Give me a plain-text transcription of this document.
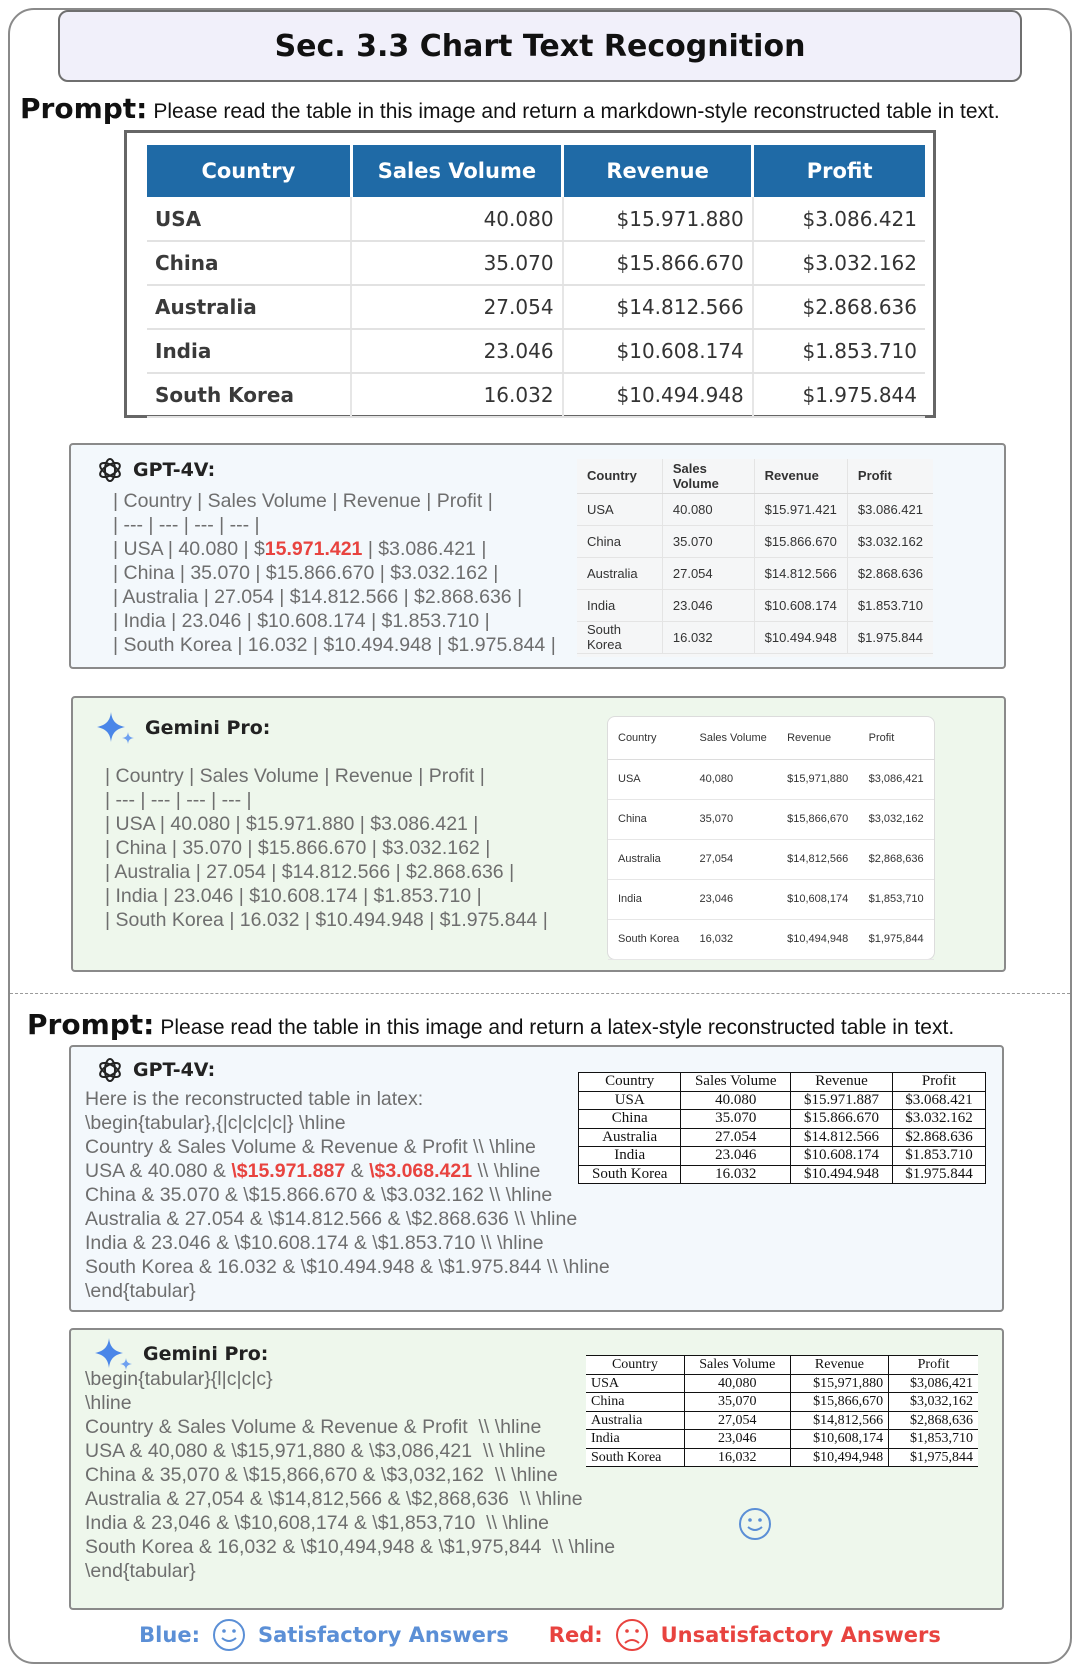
Sec. 3.3 Chart Text Recognition
Prompt: Please read the table in this image and return a markdown-style reconstructed table in text.
Country	Sales Volume	Revenue	Profit
USA	40.080	$15.971.880	$3.086.421
China	35.070	$15.866.670	$3.032.162
Australia	27.054	$14.812.566	$2.868.636
India	23.046	$10.608.174	$1.853.710
South Korea	16.032	$10.494.948	$1.975.844
GPT-4V:
| Country | Sales Volume | Revenue | Profit |
| --- | --- | --- | --- |
| USA | 40.080 | $15.971.421 | $3.086.421 |
| China | 35.070 | $15.866.670 | $3.032.162 |
| Australia | 27.054 | $14.812.566 | $2.868.636 |
| India | 23.046 | $10.608.174 | $1.853.710 |
| South Korea | 16.032 | $10.494.948 | $1.975.844 |
Country	Sales Volume	Revenue	Profit
USA	40.080	$15.971.421	$3.086.421
China	35.070	$15.866.670	$3.032.162
Australia	27.054	$14.812.566	$2.868.636
India	23.046	$10.608.174	$1.853.710
South Korea	16.032	$10.494.948	$1.975.844
Gemini Pro:
| Country | Sales Volume | Revenue | Profit |
| --- | --- | --- | --- |
| USA | 40.080 | $15.971.880 | $3.086.421 |
| China | 35.070 | $15.866.670 | $3.032.162 |
| Australia | 27.054 | $14.812.566 | $2.868.636 |
| India | 23.046 | $10.608.174 | $1.853.710 |
| South Korea | 16.032 | $10.494.948 | $1.975.844 |
Country	Sales Volume	Revenue	Profit
USA	40,080	$15,971,880	$3,086,421
China	35,070	$15,866,670	$3,032,162
Australia	27,054	$14,812,566	$2,868,636
India	23,046	$10,608,174	$1,853,710
South Korea	16,032	$10,494,948	$1,975,844
Prompt: Please read the table in this image and return a latex-style reconstructed table in text.
GPT-4V:
Here is the reconstructed table in latex:
\begin{tabular},{|c|c|c|c|} \hline
Country & Sales Volume & Revenue & Profit \\ \hline
USA & 40.080 & \$15.971.887 & \$3.068.421 \\ \hline
China & 35.070 & \$15.866.670 & \$3.032.162 \\ \hline
Australia & 27.054 & \$14.812.566 & \$2.868.636 \\ \hline
India & 23.046 & \$10.608.174 & \$1.853.710 \\ \hline
South Korea & 16.032 & \$10.494.948 & \$1.975.844 \\ \hline
\end{tabular}
Country	Sales Volume	Revenue	Profit
USA	40.080	$15.971.887	$3.068.421
China	35.070	$15.866.670	$3.032.162
Australia	27.054	$14.812.566	$2.868.636
India	23.046	$10.608.174	$1.853.710
South Korea	16.032	$10.494.948	$1.975.844
Gemini Pro:
\begin{tabular}{l|c|c|c}
\hline
Country & Sales Volume & Revenue & Profit  \\ \hline
USA & 40,080 & \$15,971,880 & \$3,086,421  \\ \hline
China & 35,070 & \$15,866,670 & \$3,032,162  \\ \hline
Australia & 27,054 & \$14,812,566 & \$2,868,636  \\ \hline
India & 23,046 & \$10,608,174 & \$1,853,710  \\ \hline
South Korea & 16,032 & \$10,494,948 & \$1,975,844  \\ \hline
\end{tabular}
Country	Sales Volume	Revenue	Profit
USA	40,080	$15,971,880	$3,086,421
China	35,070	$15,866,670	$3,032,162
Australia	27,054	$14,812,566	$2,868,636
India	23,046	$10,608,174	$1,853,710
South Korea	16,032	$10,494,948	$1,975,844
Blue:	Satisfactory Answers Red:	Unsatisfactory Answers
